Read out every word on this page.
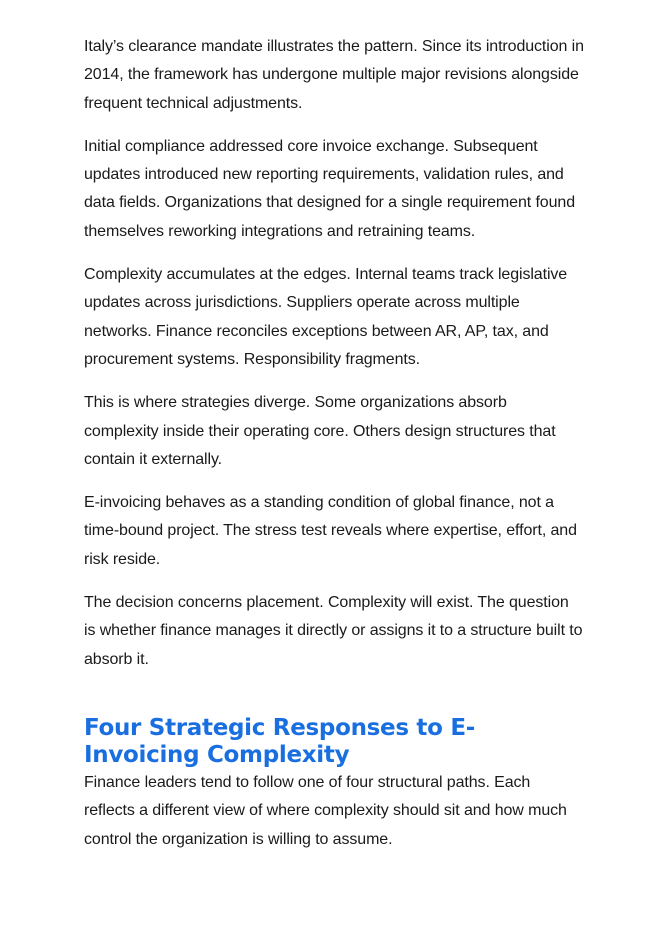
Italy’s clearance mandate illustrates the pattern. Since its introduction in 2014, the framework has undergone multiple major revisions alongside frequent technical adjustments.

Initial compliance addressed core invoice exchange. Subsequent updates introduced new reporting requirements, validation rules, and data fields. Organizations that designed for a single requirement found themselves reworking integrations and retraining teams.

Complexity accumulates at the edges. Internal teams track legislative updates across jurisdictions. Suppliers operate across multiple networks. Finance reconciles exceptions between AR, AP, tax, and procurement systems. Responsibility fragments.

This is where strategies diverge. Some organizations absorb complexity inside their operating core. Others design structures that contain it externally.

E-invoicing behaves as a standing condition of global finance, not a time-bound project. The stress test reveals where expertise, effort, and risk reside.

The decision concerns placement. Complexity will exist. The question is whether finance manages it directly or assigns it to a structure built to absorb it.

Four Strategic Responses to E-Invoicing Complexity

Finance leaders tend to follow one of four structural paths. Each reflects a different view of where complexity should sit and how much control the organization is willing to assume.
